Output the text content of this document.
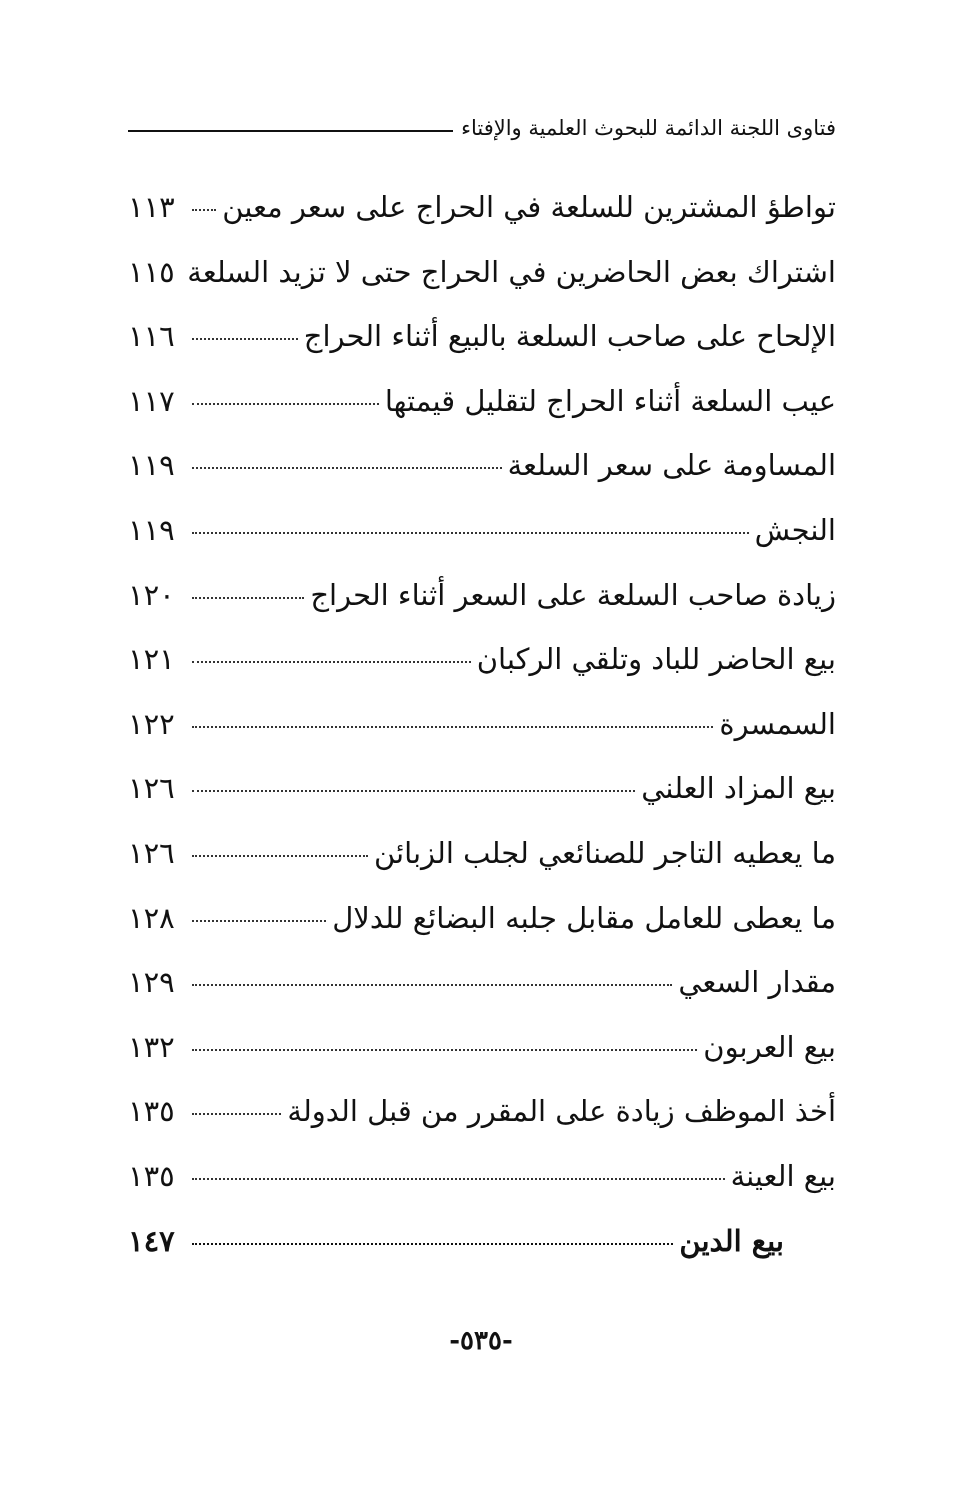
فتاوى اللجنة الدائمة للبحوث العلمية والإفتاء
تواطؤ المشترين للسلعة في الحراج على سعر معين
١١٣
اشتراك بعض الحاضرين في الحراج حتى لا تزيد السلعة
١١٥
الإلحاح على صاحب السلعة بالبيع أثناء الحراج
١١٦
عيب السلعة أثناء الحراج لتقليل قيمتها
١١٧
المساومة على سعر السلعة
١١٩
النجش
١١٩
زيادة صاحب السلعة على السعر أثناء الحراج
١٢٠
بيع الحاضر للباد وتلقي الركبان
١٢١
السمسرة
١٢٢
بيع المزاد العلني
١٢٦
ما يعطيه التاجر للصنائعي لجلب الزبائن
١٢٦
ما يعطى للعامل مقابل جلبه البضائع للدلال
١٢٨
مقدار السعي
١٢٩
بيع العربون
١٣٢
أخذ الموظف زيادة على المقرر من قبل الدولة
١٣٥
بيع العينة
١٣٥
بيع الدين
١٤٧
-٥٣٥-
